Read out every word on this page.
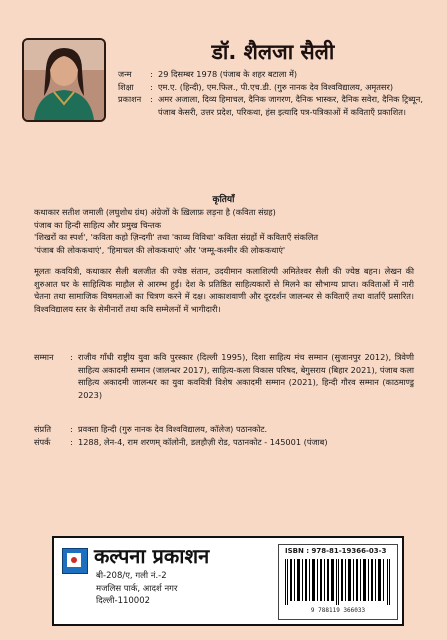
डॉ. शैलजा सैली
जन्म	: 29 दिसम्बर 1978 (पंजाब के शहर बटाला में)
शिक्षा	: एम.ए. (हिन्दी), एम.फिल., पी.एच.डी. (गुरु नानक देव विश्वविद्यालय, अमृतसर)
प्रकाशन	: अमर अजाला, दिव्य हिमाचल, दैनिक जागरण, दैनिक भास्कर, दैनिक सवेरा, दैनिक ट्रिब्यून, पंजाब केसरी, उत्तर प्रदेश, परिकथा, हंस इत्यादि पत्र-पत्रिकाओं में कविताएँ प्रकाशित।
कृतियाँ
कथाकार सतीश जमाली (लघुशोध ग्रंथ) अंग्रेजों के ख़िलाफ़ लड़ना है (कविता संग्रह)
पंजाब का हिन्दी साहित्य और प्रमुख चिन्तक
'शिखरों का स्पर्श', 'कविता कहो ज़िन्दगी' तथा 'काव्य विविधा' कविता संग्रहों में कविताएँ संकलित
'पंजाब की लोककथाएं', 'हिमाचल की लोककथाएं' और 'जम्मू-कश्मीर की लोककथाएं'
मूलतः कवयित्री, कथाकार सैली बलजीत की ज्येष्ठ संतान, उदयीमान कलाशिल्पी अमितेश्वर सैली की ज्येष्ठ बहन। लेखन की शुरुआत घर के साहित्यिक माहौल से आरम्भ हुई। देश के प्रतिष्ठित साहित्यकारों से मिलने का सौभाग्य प्राप्त। कविताओं में नारी चेतना तथा सामाजिक विषमताओं का चित्रण करने में दक्ष। आकाशवाणी और दूरदर्शन जालन्धर से कविताएँ तथा वार्ताएँ प्रसारित। विश्वविद्यालय स्तर के सेमीनारों तथा कवि सम्मेलनों में भागीदारी।
सम्मान	: राजीव गाँधी राष्ट्रीय युवा कवि पुरस्कार (दिल्ली 1995), दिशा साहित्य मंच सम्मान (सुजानपुर 2012), त्रिवेणी साहित्य अकादमी सम्मान (जालन्धर 2017), साहित्य-कला विकास परिषद, बेगुसराय (बिहार 2021), पंजाब कला साहित्य अकादमी जालन्धर का युवा कवयित्री विशेष अकादमी सम्मान (2021), हिन्दी गौरव सम्मान (काठमाण्डु 2023)
संप्रति	: प्रवक्ता हिन्दी (गुरु नानक देव विश्वविद्यालय, कॉलेज) पठानकोट.
संपर्क	: 1288, लेन-4, राम शरणम् कॉलोनी, डलहौज़ी रोड, पठानकोट - 145001 (पंजाब)
कल्पना प्रकाशन
बी-208/ए, गली नं.-2
मजलिस पार्क, आदर्श नगर
दिल्ली-110002
ISBN : 978-81-19366-03-3
9 788119 366033
